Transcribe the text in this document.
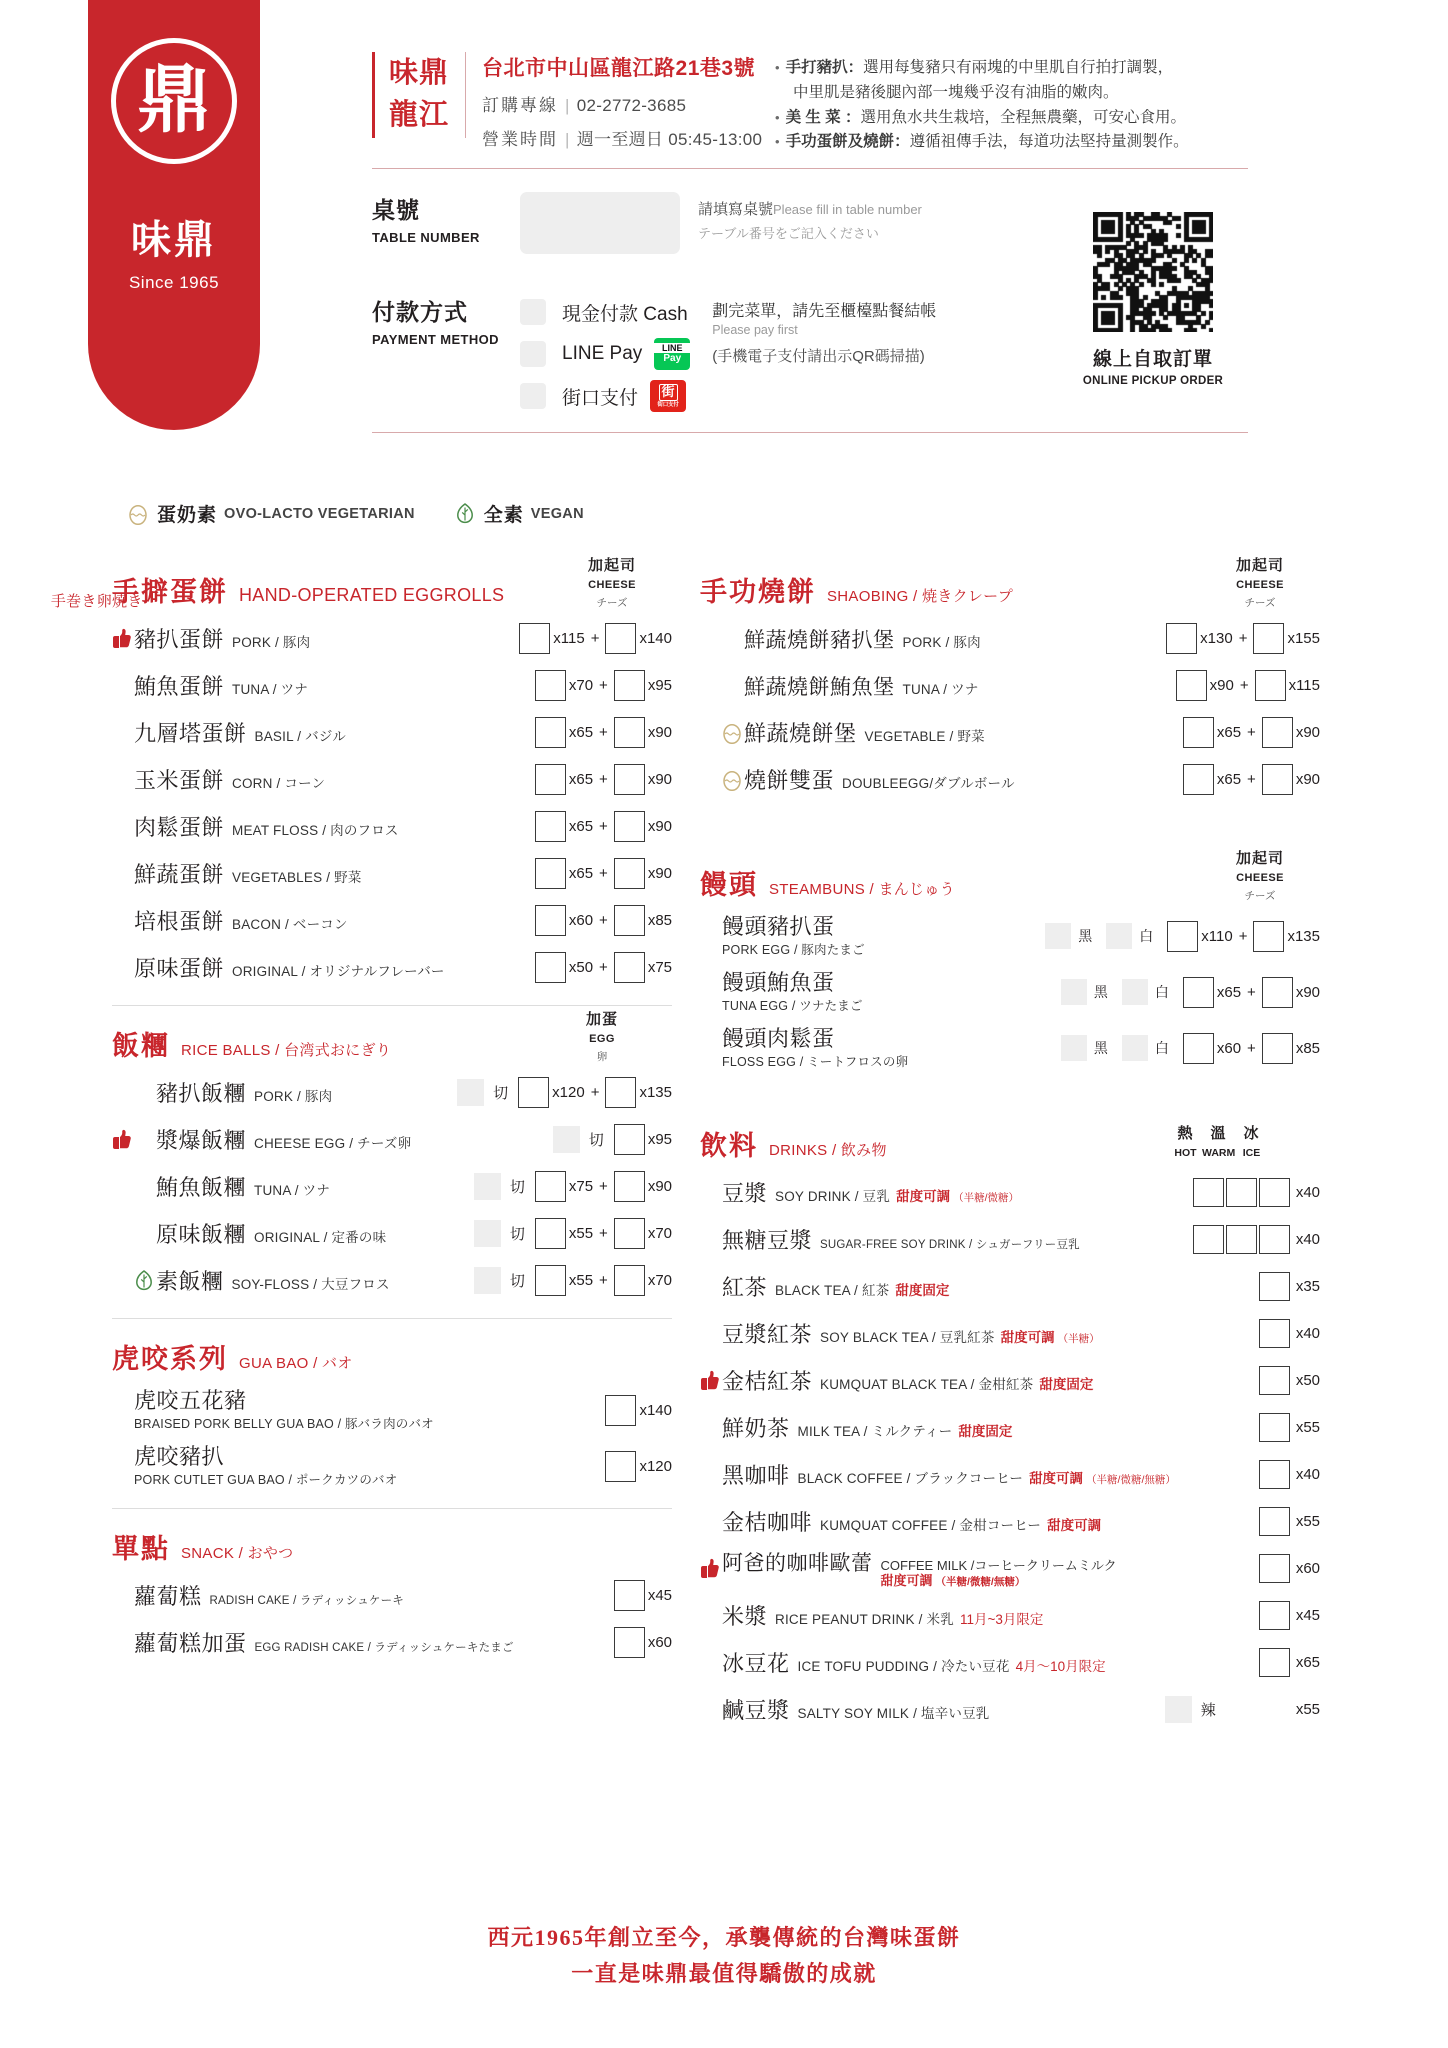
鼎
味鼎
Since 1965
味鼎
龍江
台北市中山區龍江路21巷3號
訂購專線 | 02-2772-3685
營業時間 | 週一至週日 05:45-13:00
• 手打豬扒：選用每隻豬只有兩塊的中里肌自行拍打調製，
中里肌是豬後腿內部一塊幾乎沒有油脂的嫩肉。
• 美 生 菜 ：選用魚水共生栽培，全程無農藥，可安心食用。
• 手功蛋餅及燒餅：遵循祖傳手法，每道功法堅持量測製作。
桌號
TABLE NUMBER
請填寫桌號Please fill in table number
テーブル番号をご記入ください
付款方式
PAYMENT METHOD
現金付款 Cash
LINE Pay	LINE
Pay
街口支付 街
街口支付
劃完菜單，請先至櫃檯點餐結帳
Please pay first
(手機電子支付請出示QR碼掃描)	線上自取訂單
ONLINE PICKUP ORDER
蛋奶素 OVO-LACTO VEGETARIAN	全素 VEGAN
手擗蛋餅 HAND-OPERATED EGGROLLS
手巻き卵焼き
加起司
CHEESE
チーズ
豬扒蛋餅 PORK / 豚肉	x115 +	x140
鮪魚蛋餅 TUNA / ツナ	x70 +	x95
九層塔蛋餅 BASIL / バジル	x65 +	x90
玉米蛋餅 CORN / コーン	x65 +	x90
肉鬆蛋餅 MEAT FLOSS / 肉のフロス	x65 +	x90
鮮蔬蛋餅 VEGETABLES / 野菜	x65 +	x90
培根蛋餅 BACON / ベーコン	x60 +	x85
原味蛋餅 ORIGINAL / オリジナルフレーバー	x50 +	x75
飯糰 RICE BALLS / 台湾式おにぎり
加蛋
EGG
卵
豬扒飯糰 PORK / 豚肉	切	x120 +	x135
漿爆飯糰 CHEESE EGG / チーズ卵	切	x95
鮪魚飯糰 TUNA / ツナ	切	x75 +	x90
原味飯糰 ORIGINAL / 定番の味	切	x55 +	x70
素飯糰 SOY-FLOSS / 大豆フロス	切	x55 +	x70
虎咬系列 GUA BAO / バオ
虎咬五花豬
BRAISED PORK BELLY GUA BAO / 豚バラ肉のバオ
x140
虎咬豬扒
PORK CUTLET GUA BAO / ポークカツのバオ
x120
單點 SNACK / おやつ
蘿蔔糕 RADISH CAKE / ラディッシュケーキ	x45
蘿蔔糕加蛋 EGG RADISH CAKE / ラディッシュケーキたまご	x60
手功燒餅 SHAOBING / 焼きクレープ
加起司
CHEESE
チーズ
鮮蔬燒餅豬扒堡 PORK / 豚肉	x130 +	x155
鮮蔬燒餅鮪魚堡 TUNA / ツナ	x90 +	x115
鮮蔬燒餅堡 VEGETABLE / 野菜	x65 +	x90
燒餅雙蛋 DOUBLEEGG/ダブルボール	x65 +	x90
饅頭 STEAMBUNS / まんじゅう
加起司
CHEESE
チーズ
饅頭豬扒蛋
PORK EGG / 豚肉たまご
黑	白	x110 +	x135
饅頭鮪魚蛋
TUNA EGG / ツナたまご
黑	白	x65 +	x90
饅頭肉鬆蛋
FLOSS EGG / ミートフロスの卵
黑	白	x60 +	x85
飲料 DRINKS / 飲み物
熱
HOT
溫
WARM
冰
ICE
豆漿 SOY DRINK / 豆乳 甜度可調 （半糖/微糖）	x40
無糖豆漿 SUGAR-FREE SOY DRINK / シュガーフリー豆乳	x40
紅茶 BLACK TEA / 紅茶 甜度固定	x35
豆漿紅茶 SOY BLACK TEA / 豆乳紅茶 甜度可調 （半糖）	x40
金桔紅茶 KUMQUAT BLACK TEA / 金柑紅茶 甜度固定	x50
鮮奶茶 MILK TEA / ミルクティー 甜度固定	x55
黑咖啡 BLACK COFFEE / ブラックコーヒー 甜度可調 （半糖/微糖/無糖）	x40
金桔咖啡 KUMQUAT COFFEE / 金柑コーヒー 甜度可調	x55
阿爸的咖啡歐蕾 COFFEE MILK /コーヒークリームミルク
甜度可調 （半糖/微糖/無糖）
x60
米漿 RICE PEANUT DRINK / 米乳 11月~3月限定	x45
冰豆花 ICE TOFU PUDDING / 冷たい豆花 4月〜10月限定	x65
鹹豆漿 SALTY SOY MILK / 塩辛い豆乳	辣	x55
西元1965年創立至今，承襲傳統的台灣味蛋餅
一直是味鼎最值得驕傲的成就
